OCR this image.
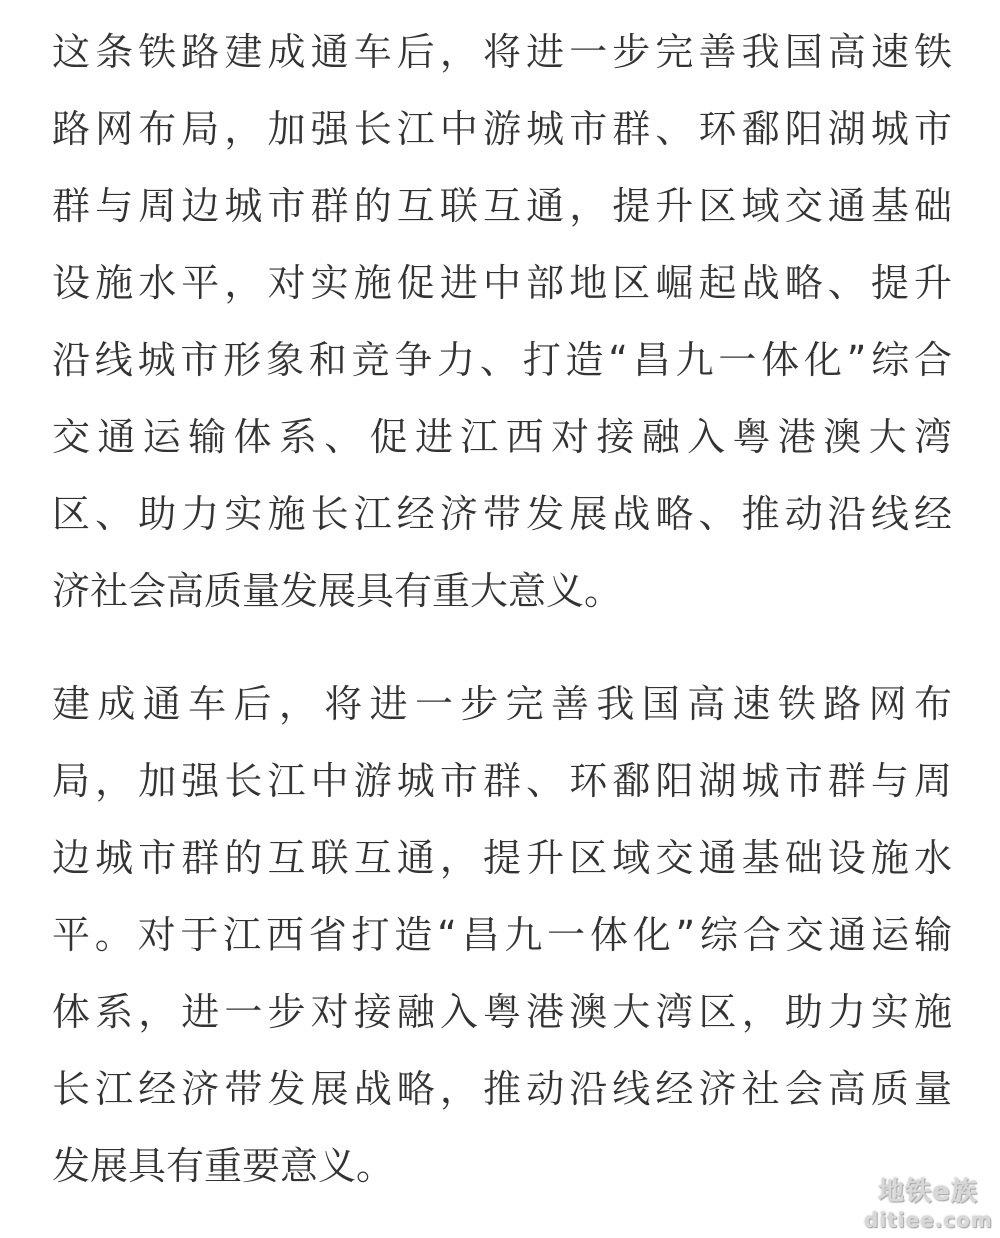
这条铁路建成通车后，将进一步完善我国高速铁
路网布局，加强长江中游城市群、环鄱阳湖城市
群与周边城市群的互联互通，提升区域交通基础
设施水平，对实施促进中部地区崛起战略、提升
沿线城市形象和竞争力、打造“昌九一体化”综合
交通运输体系、促进江西对接融入粤港澳大湾
区、助力实施长江经济带发展战略、推动沿线经
济社会高质量发展具有重大意义。

建成通车后，将进一步完善我国高速铁路网布
局，加强长江中游城市群、环鄱阳湖城市群与周
边城市群的互联互通，提升区域交通基础设施水
平。对于江西省打造“昌九一体化”综合交通运输
体系，进一步对接融入粤港澳大湾区，助力实施
长江经济带发展战略，推动沿线经济社会高质量
发展具有重要意义。

地铁e族
ditiee.com
